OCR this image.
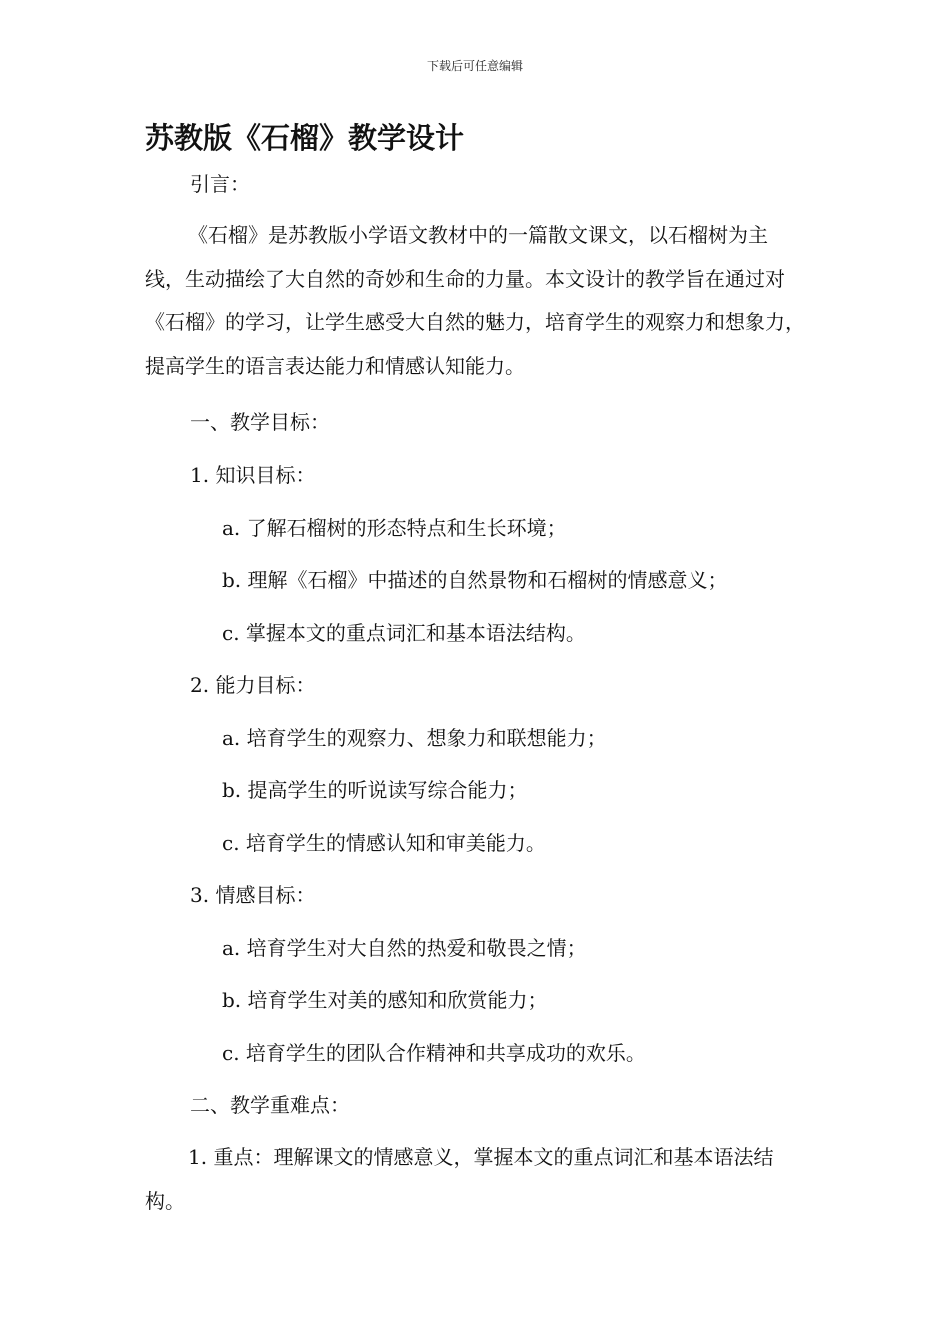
下载后可任意编辑
苏教版《石榴》教学设计
引言：
《石榴》是苏教版小学语文教材中的一篇散文课文，以石榴树为主线，生动描绘了大自然的奇妙和生命的力量。本文设计的教学旨在通过对《石榴》的学习，让学生感受大自然的魅力，培育学生的观察力和想象力，提高学生的语言表达能力和情感认知能力。
一、教学目标：
1. 知识目标：
a. 了解石榴树的形态特点和生长环境；
b. 理解《石榴》中描述的自然景物和石榴树的情感意义；
c. 掌握本文的重点词汇和基本语法结构。
2. 能力目标：
a. 培育学生的观察力、想象力和联想能力；
b. 提高学生的听说读写综合能力；
c. 培育学生的情感认知和审美能力。
3. 情感目标：
a. 培育学生对大自然的热爱和敬畏之情；
b. 培育学生对美的感知和欣赏能力；
c. 培育学生的团队合作精神和共享成功的欢乐。
二、教学重难点：
1. 重点：理解课文的情感意义，掌握本文的重点词汇和基本语法结构。
